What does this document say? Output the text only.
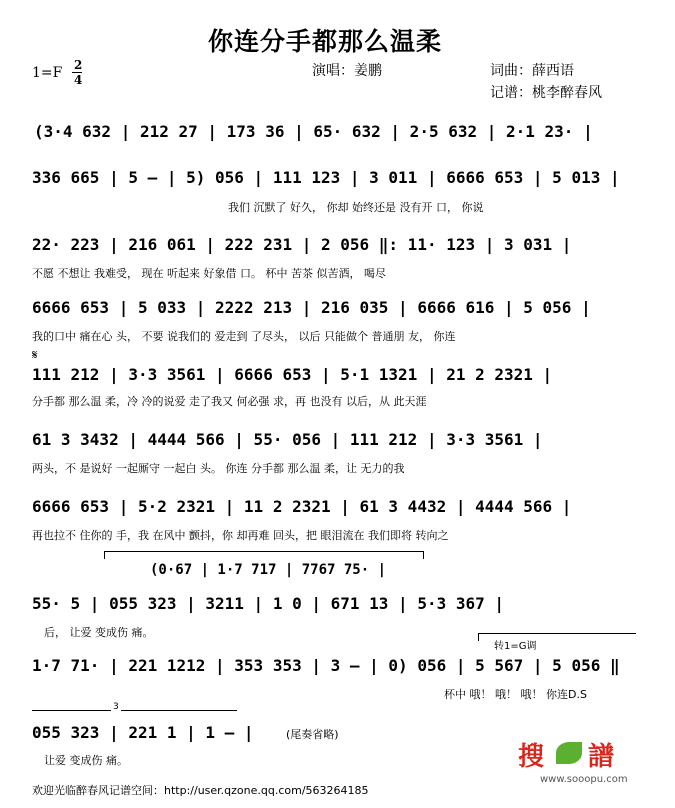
你连分手都那么温柔
1=F 2
4
演唱：姜鹏	词曲：薛西语
记谱：桃李醉春风
(3·4 632 | 212 27 | 173 36 | 65· 632 | 2·5 632 | 2·1 23· |
336 665 | 5 – | 5) 056 | 111 123 | 3 011 | 6666 653 | 5 013 |
我们 沉默了 好久， 你却 始终还是 没有开 口， 你说
22· 223 | 216 061 | 222 231 | 2 056 ‖: 11· 123 | 3 031 |
不愿 不想让 我难受， 现在 听起来 好象借 口。 杯中 苦茶 似苦酒， 喝尽
6666 653 | 5 033 | 2222 213 | 216 035 | 6666 616 | 5 056 |
我的口中 痛在心 头， 不要 说我们的 爱走到 了尽头， 以后 只能做个 普通朋 友， 你连
𝄋
111 212 | 3·3 3561 | 6666 653 | 5·1 1321 | 21 2 2321 |
分手都 那么温 柔，冷 冷的说爱 走了我又 何必强 求，再 也没有 以后，从 此天涯
61 3 3432 | 4444 566 | 55· 056 | 111 212 | 3·3 3561 |
两头，不 是说好 一起厮守 一起白 头。 你连 分手都 那么温 柔，让 无力的我
6666 653 | 5·2 2321 | 11 2 2321 | 61 3 4432 | 4444 566 |
再也拉不 住你的 手，我 在风中 颤抖，你 却再难 回头，把 眼泪流在 我们即将 转向之
(0·67 | 1·7 717 | 7767 75· |
55· 5 | 055 323 | 3211 | 1 0 | 671 13 | 5·3 367 |
后， 让爱 变成伤 痛。
转1=G调
1·7 71· | 221 1212 | 353 353 | 3 – | 0) 056 | 5 567 | 5 056 ‖
杯中 哦！ 哦！ 哦！ 你连D.S
3
055 323 | 221 1 | 1 – |	(尾奏省略)
让爱 变成伤 痛。	搜 譜
www.sooopu.com
欢迎光临醉春风记谱空间：http://user.qzone.qq.com/563264185
